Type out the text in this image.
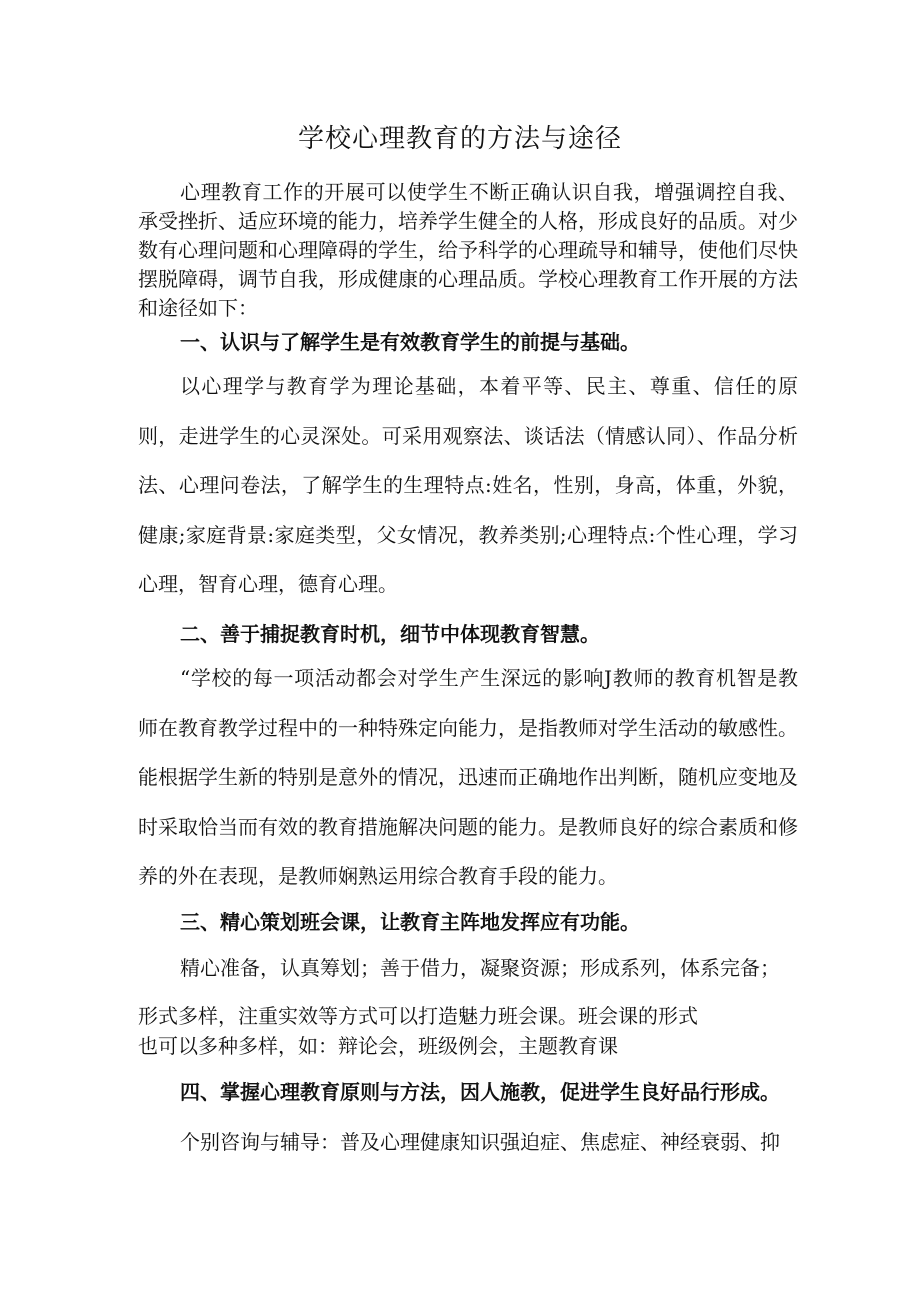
学校心理教育的方法与途径
心理教育工作的开展可以使学生不断正确认识自我，增强调控自我、承受挫折、适应环境的能力，培养学生健全的人格，形成良好的品质。对少数有心理问题和心理障碍的学生，给予科学的心理疏导和辅导，使他们尽快摆脱障碍，调节自我，形成健康的心理品质。学校心理教育工作开展的方法和途径如下：
一、认识与了解学生是有效教育学生的前提与基础。
以心理学与教育学为理论基础，本着平等、民主、尊重、信任的原则，走进学生的心灵深处。可采用观察法、谈话法（情感认同）、作品分析法、心理问卷法，了解学生的生理特点:姓名，性别，身高，体重，外貌，健康;家庭背景:家庭类型，父女情况，教养类别;心理特点:个性心理，学习心理，智育心理，德育心理。
二、善于捕捉教育时机，细节中体现教育智慧。
“学校的每一项活动都会对学生产生深远的影响J教师的教育机智是教师在教育教学过程中的一种特殊定向能力，是指教师对学生活动的敏感性。能根据学生新的特别是意外的情况，迅速而正确地作出判断，随机应变地及时采取恰当而有效的教育措施解决问题的能力。是教师良好的综合素质和修养的外在表现，是教师娴熟运用综合教育手段的能力。
三、精心策划班会课，让教育主阵地发挥应有功能。
精心准备，认真筹划；善于借力，凝聚资源；形成系列，体系完备；
形式多样，注重实效等方式可以打造魅力班会课。班会课的形式
也可以多种多样，如：辩论会，班级例会，主题教育课
四、掌握心理教育原则与方法，因人施教，促进学生良好品行形成。
个别咨询与辅导：普及心理健康知识强迫症、焦虑症、神经衰弱、抑
